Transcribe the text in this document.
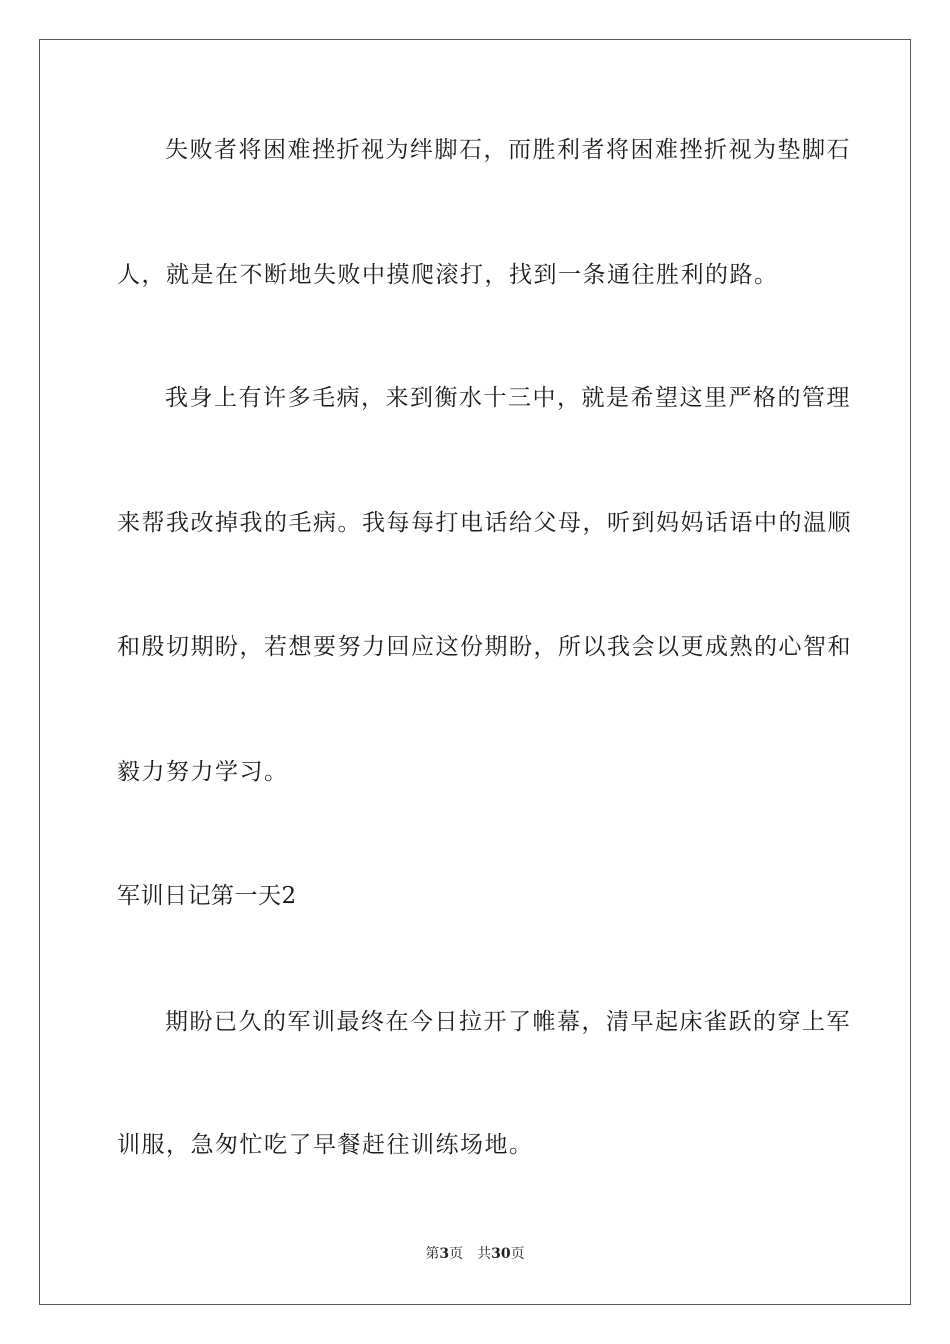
失败者将困难挫折视为绊脚石，而胜利者将困难挫折视为垫脚石
人，就是在不断地失败中摸爬滚打，找到一条通往胜利的路。
我身上有许多毛病，来到衡水十三中，就是希望这里严格的管理
来帮我改掉我的毛病。我每每打电话给父母，听到妈妈话语中的温顺
和殷切期盼，若想要努力回应这份期盼，所以我会以更成熟的心智和
毅力努力学习。
军训日记第一天2
期盼已久的军训最终在今日拉开了帷幕，清早起床雀跃的穿上军
训服，急匆忙吃了早餐赶往训练场地。
第3页 共30页
